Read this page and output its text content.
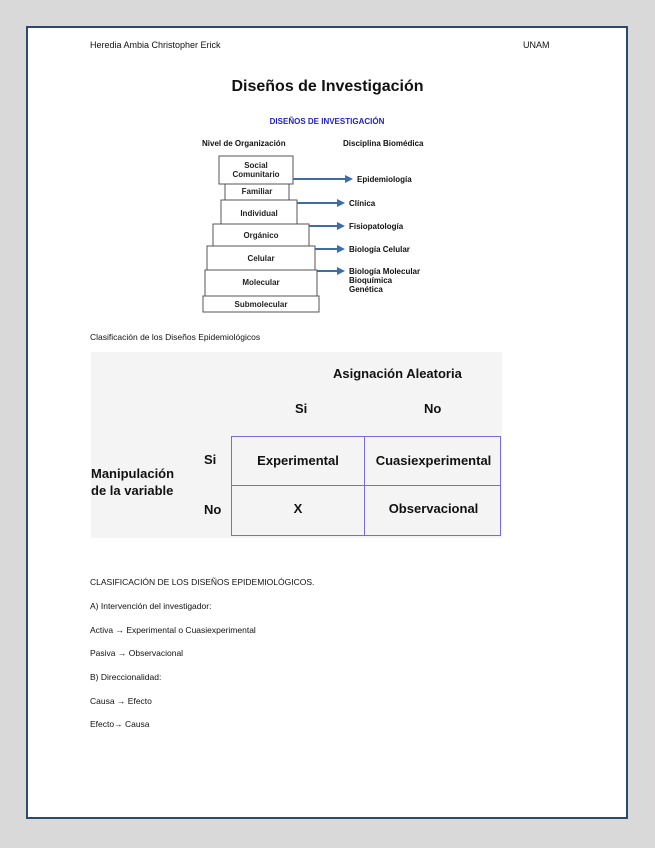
Heredia Ambia Christopher Erick	UNAM
Diseños de Investigación
DISEÑOS DE INVESTIGACIÓN
Nivel de Organización	Disciplina Biomédica
Social
Comunitario
Familiar
Individual
Orgánico
Celular
Molecular
Submolecular
Epidemiología
Clínica
Fisiopatología
Biología Celular
Biología Molecular
Bioquímica
Genética
Clasificación de los Diseños Epidemiológicos
Asignación Aleatoria
Si	No
Manipulación
de la variable
Si
No
Experimental	Cuasiexperimental
X	Observacional
CLASIFICACIÓN DE LOS DISEÑOS EPIDEMIOLÓGICOS.
A) Intervención del investigador:
Activa → Experimental o Cuasiexperimental
Pasiva → Observacional
B) Direccionalidad:
Causa → Efecto
Efecto→ Causa
